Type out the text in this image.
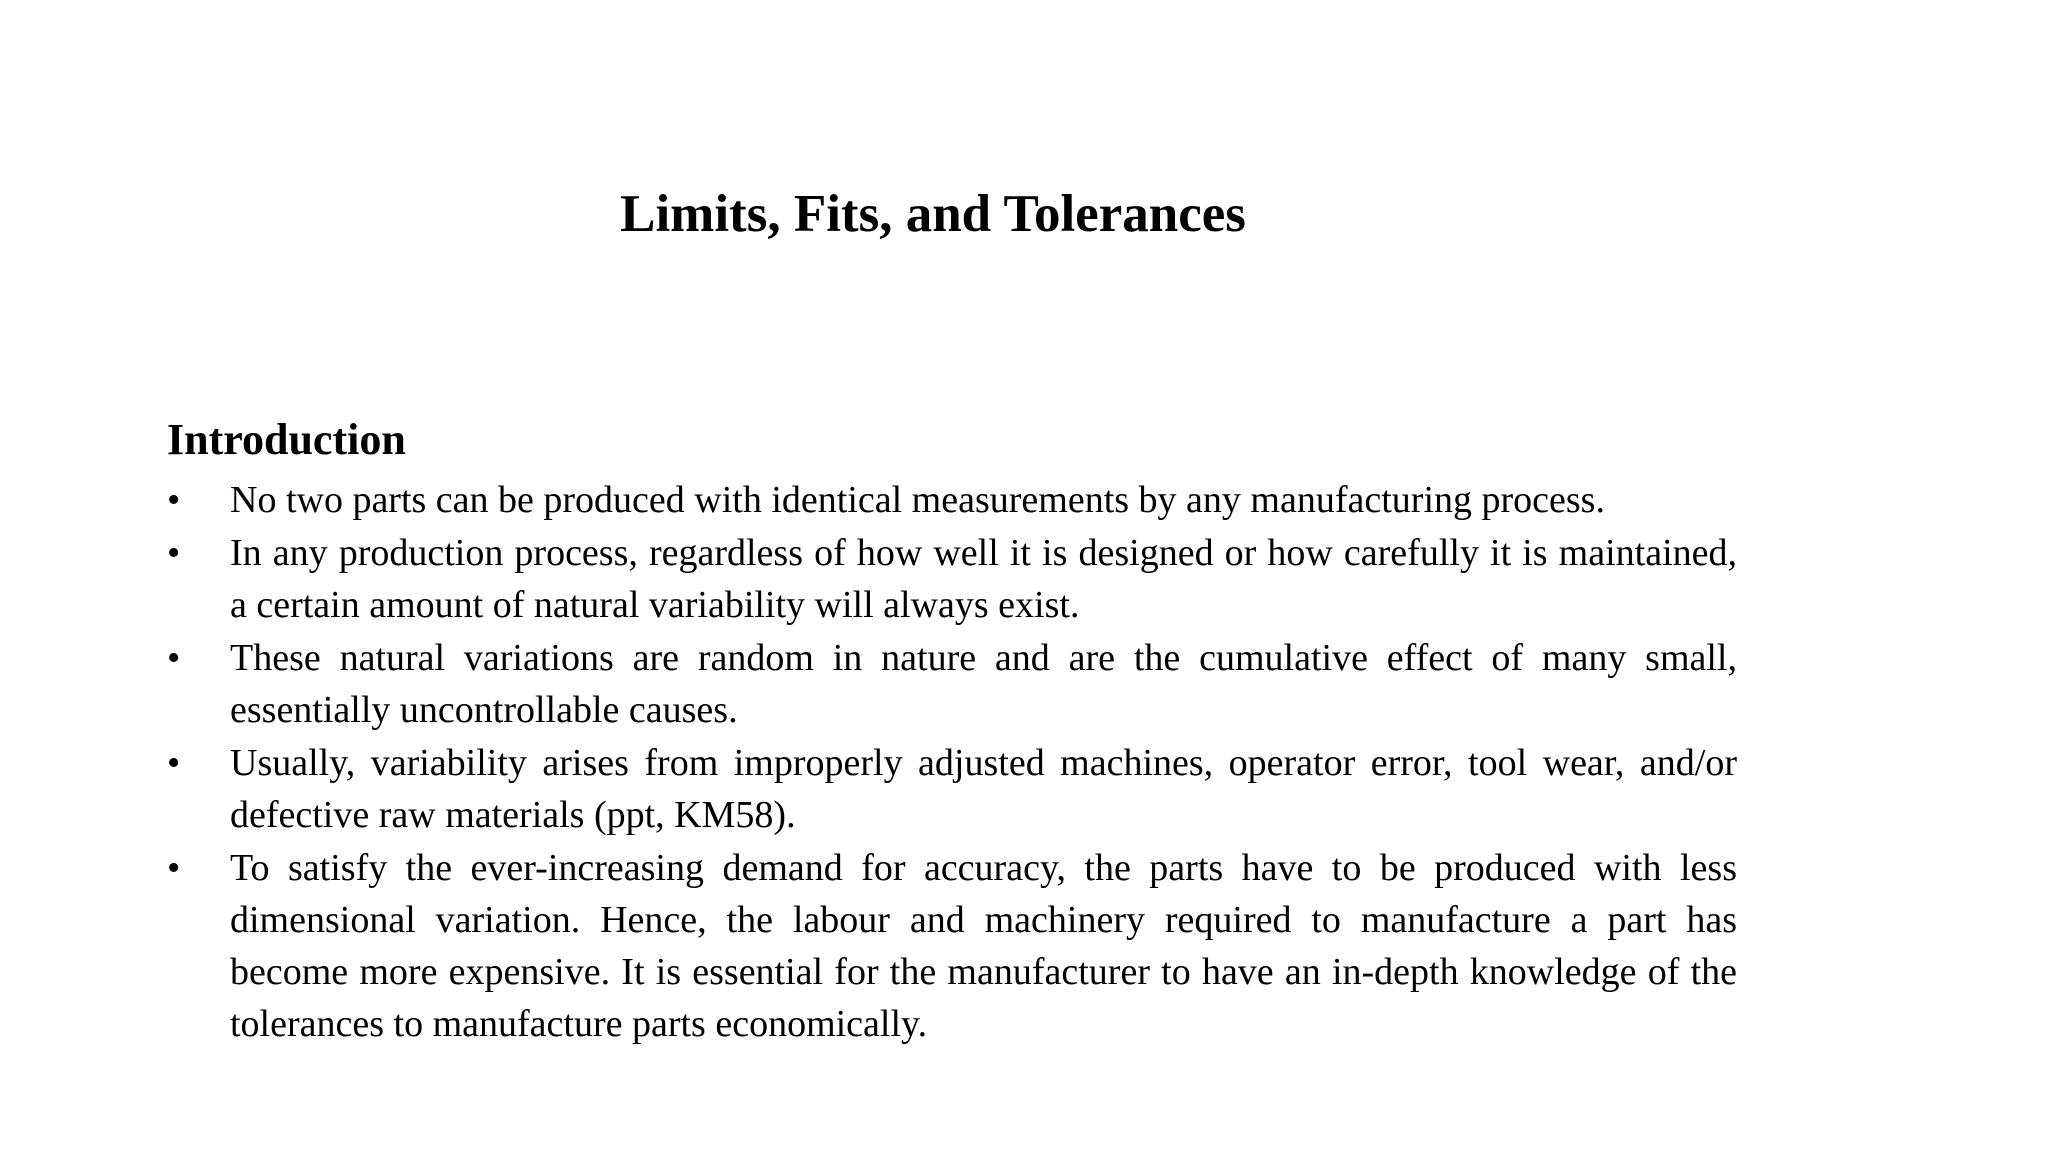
Limits, Fits, and Tolerances
Introduction
•	No two parts can be produced with identical measurements by any manufacturing process.
•	In any production process, regardless of how well it is designed or how carefully it is maintained, a certain amount of natural variability will always exist.
•	These natural variations are random in nature and are the cumulative effect of many small, essentially uncontrollable causes.
•	Usually, variability arises from improperly adjusted machines, operator error, tool wear, and/or defective raw materials (ppt, KM58).
•	To satisfy the ever-increasing demand for accuracy, the parts have to be produced with less dimensional variation. Hence, the labour and machinery required to manufacture a part has become more expensive. It is essential for the manufacturer to have an in-depth knowledge of the tolerances to manufacture parts economically.
